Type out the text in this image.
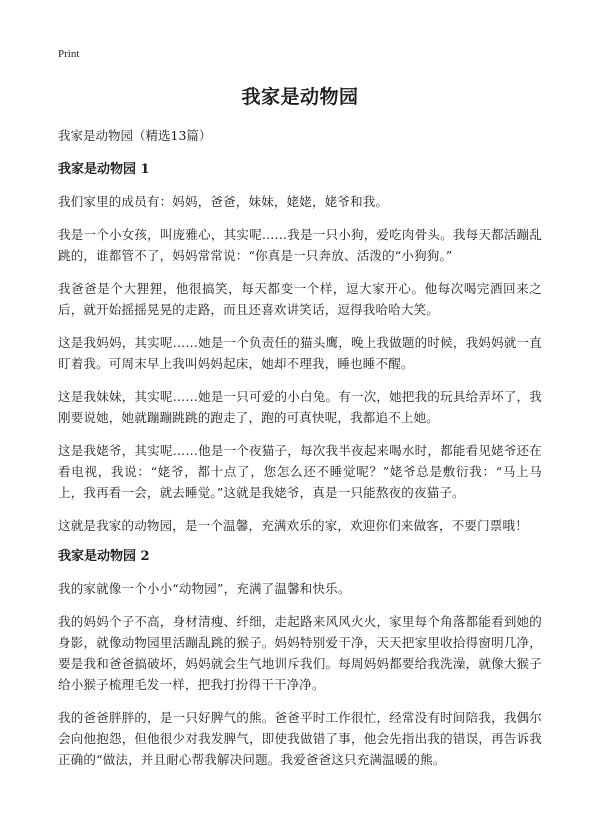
Print
我家是动物园
我家是动物园（精选13篇）
我家是动物园 1

我们家里的成员有：妈妈，爸爸，妹妹，姥姥，姥爷和我。

我是一个小女孩，叫庞雅心，其实呢……我是一只小狗，爱吃肉骨头。我每天都活蹦乱跳的，谁都管不了，妈妈常常说：“你真是一只奔放、活泼的“小狗狗。”

我爸爸是个大狸狸，他很搞笑，每天都变一个样，逗大家开心。他每次喝完酒回来之后，就开始摇摇晃晃的走路，而且还喜欢讲笑话，逗得我哈哈大笑。

这是我妈妈，其实呢……她是一个负责任的猫头鹰，晚上我做题的时候，我妈妈就一直盯着我。可周末早上我叫妈妈起床，她却不理我，睡也睡不醒。

这是我妹妹，其实呢……她是一只可爱的小白兔。有一次，她把我的玩具给弄坏了，我刚要说她，她就蹦蹦跳跳的跑走了，跑的可真快呢，我都追不上她。

这是我姥爷，其实呢……他是一个夜猫子，每次我半夜起来喝水时，都能看见姥爷还在看电视，我说：“姥爷，都十点了，您怎么还不睡觉呢？”姥爷总是敷衍我：“马上马上，我再看一会，就去睡觉。”这就是我姥爷，真是一只能熬夜的夜猫子。

这就是我家的动物园，是一个温馨，充满欢乐的家，欢迎你们来做客，不要门票哦！

我家是动物园 2

我的家就像一个小小“动物园”，充满了温馨和快乐。

我的妈妈个子不高，身材清瘦、纤细，走起路来风风火火，家里每个角落都能看到她的身影，就像动物园里活蹦乱跳的猴子。妈妈特别爱干净，天天把家里收拾得窗明几净，要是我和爸爸搞破坏，妈妈就会生气地训斥我们。每周妈妈都要给我洗澡，就像大猴子给小猴子梳理毛发一样，把我打扮得干干净净。

我的爸爸胖胖的，是一只好脾气的熊。爸爸平时工作很忙，经常没有时间陪我，我偶尔会向他抱怨，但他很少对我发脾气，即使我做错了事，他会先指出我的错误，再告诉我正确的“做法，并且耐心帮我解决问题。我爱爸爸这只充满温暖的熊。
